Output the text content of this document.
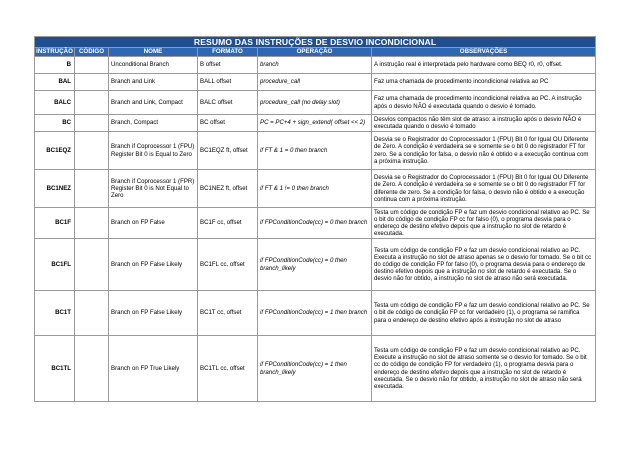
RESUMO DAS INSTRUÇÕES DE DESVIO INCONDICIONAL					
INSTRUÇÃO	CÓDIGO	NOME	FORMATO	OPERAÇÃO	OBSERVAÇÕES
B		Unconditional Branch	B offset	branch	A instrução real é interpretada pelo hardware como BEQ r0, r0, offset.
BAL		Branch and Link	BALL offset	procedure_call	Faz uma chamada de procedimento incondicional relativa ao PC
BALC		Branch and Link, Compact	BALC offset	procedure_call (no delay slot)	Faz uma chamada de procedimento incondicional relativa ao PC. A instrução após o desvio NÃO é executada quando o desvio é tomado.
BC		Branch, Compact	BC offset	PC = PC+4 + sign_extend( offset << 2)	Desvios compactos não têm slot de atraso: a instrução após o desvio NÃO é executada quando o desvio é tomado
BC1EQZ		Branch if Coprocessor 1 (FPU) Register Bit 0 is Equal to Zero	BC1EQZ ft, offset	if FT & 1 = 0 then branch	Desvia se o Registrador do Coprocessador 1 (FPU) Bit 0 for Igual OU Diferente de Zero. A condição é verdadeira se e somente se o bit 0 do registrador FT for zero. Se a condição for falsa, o desvio não é obtido e a execução continua com a próxima instrução.
BC1NEZ		Branch if Coprocessor 1 (FPR) Register Bit 0 is Not Equal to Zero	BC1NEZ ft, offset	if FT & 1 != 0 then branch	Desvia se o Registrador do Coprocessador 1 (FPU) Bit 0 for Igual OU Diferente de Zero. A condição é verdadeira se e somente se o bit 0 do registrador FT for diferente de zero. Se a condição for falsa, o desvio não é obtido e a execução continua com a próxima instrução.
BC1F		Branch on FP False	BC1F cc, offset	if FPConditionCode(cc) = 0 then branch	Testa um código de condição FP e faz um desvio condicional relativo ao PC. Se o bit do código de condição FP cc for falso (0), o programa desvia para o endereço de destino efetivo depois que a instrução no slot de retardo é executada.
BC1FL		Branch on FP False Likely	BC1FL cc, offset	if FPConditionCode(cc) = 0 then branch_likely	Testa um código de condição FP e faz um desvio condicional relativo ao PC. Executa a instrução no slot de atraso apenas se o desvio for tomado. Se o bit cc do código de condição FP for falso (0), o programa desvia para o endereço de destino efetivo depois que a instrução no slot de retardo é executada. Se o desvio não for obtido, a instrução no slot de atraso não será executada.
BC1T		Branch on FP False Likely	BC1T cc, offset	if FPConditionCode(cc) = 1 then branch	Testa um código de condição FP e faz um desvio condicional relativo ao PC. Se o bit de código de condição FP cc for verdadeiro (1), o programa se ramifica para o endereço de destino efetivo após a instrução no slot de atraso
BC1TL		Branch on FP True Likely	BC1TL cc, offset	if FPConditionCode(cc) = 1 then branch_likely	Testa um código de condição FP e faz um desvio condicional relativo ao PC. Execute a instrução no slot de atraso somente se o desvio for tomado. Se o bit cc do código de condição FP for verdadeiro (1), o programa desvia para o endereço de destino efetivo depois que a instrução no slot de retardo é executada. Se o desvio não for obtido, a instrução no slot de atraso não será executada.
